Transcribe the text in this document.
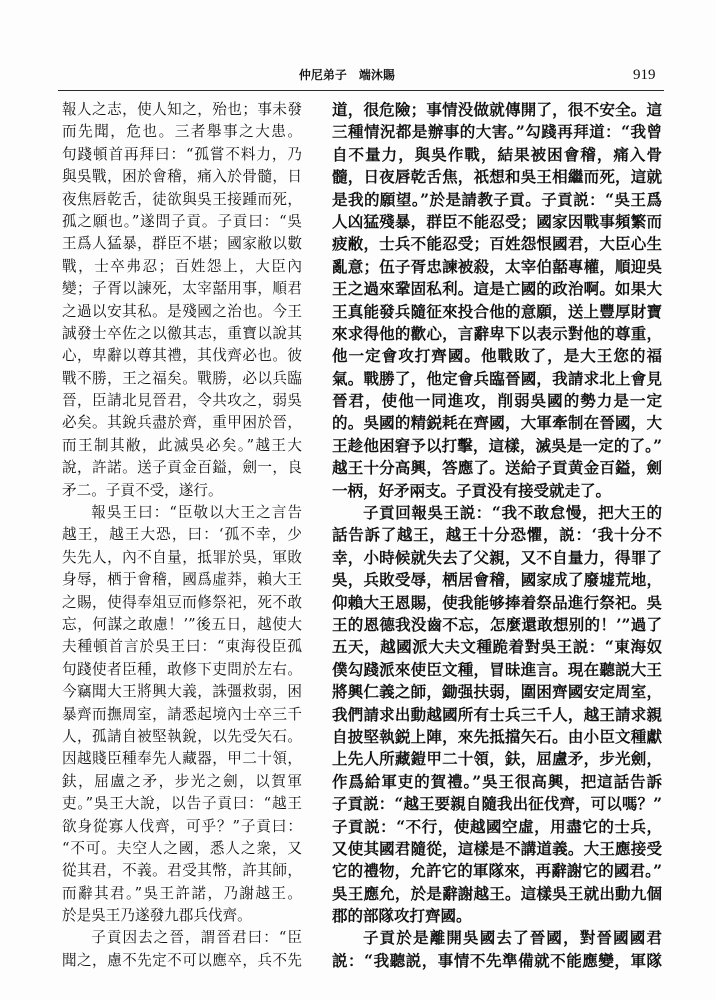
仲尼弟子　端沐賜	919
報人之志，使人知之，殆也；事未發
而先聞，危也。三者舉事之大患。
句踐頓首再拜曰：“孤嘗不料力，乃
與吳戰，困於會稽，痛入於骨髓，日
夜焦唇乾舌，徒欲與吳王接踵而死，
孤之願也。”遂問子貢。子貢曰：“吳
王爲人猛暴，群臣不堪；國家敝以數
戰，士卒弗忍；百姓怨上，大臣內
變；子胥以諫死，太宰嚭用事，順君
之過以安其私。是殘國之治也。今王
誠發士卒佐之以徼其志，重寶以說其
心，卑辭以尊其禮，其伐齊必也。彼
戰不勝，王之福矣。戰勝，必以兵臨
晉，臣請北見晉君，令共攻之，弱吳
必矣。其銳兵盡於齊，重甲困於晉，
而王制其敝，此滅吳必矣。”越王大
說，許諾。送子貢金百鎰，劍一，良
矛二。子貢不受，遂行。
報吳王曰：“臣敬以大王之言告
越王，越王大恐，曰：‘孤不幸，少
失先人，內不自量，抵罪於吳，軍敗
身辱，栖于會稽，國爲虛莽，賴大王
之賜，使得奉俎豆而修祭祀，死不敢
忘，何謀之敢慮！’”後五日，越使大
夫種頓首言於吳王曰：“東海役臣孤
句踐使者臣種，敢修下吏問於左右。
今竊聞大王將興大義，誅彊救弱，困
暴齊而撫周室，請悉起境內士卒三千
人，孤請自被堅執銳，以先受矢石。
因越賤臣種奉先人藏器，甲二十領，
鈇，屈盧之矛，步光之劍，以賀軍
吏。”吳王大說，以告子貢曰：“越王
欲身從寡人伐齊，可乎？”子貢曰：
“不可。夫空人之國，悉人之衆，又
從其君，不義。君受其幣，許其師，
而辭其君。”吳王許諾，乃謝越王。
於是吳王乃遂發九郡兵伐齊。
子貢因去之晉，謂晉君曰：“臣
聞之，慮不先定不可以應卒，兵不先
道，很危險；事情没做就傳開了，很不安全。這
三種情況都是辦事的大害。”勾踐再拜道：“我曾
自不量力，與吳作戰，結果被困會稽，痛入骨
髓，日夜唇乾舌焦，祇想和吳王相繼而死，這就
是我的願望。”於是請教子貢。子貢説：“吳王爲
人凶猛殘暴，群臣不能忍受；國家因戰事頻繁而
疲敝，士兵不能忍受；百姓怨恨國君，大臣心生
亂意；伍子胥忠諫被殺，太宰伯嚭專權，順迎吳
王之過來鞏固私利。這是亡國的政治啊。如果大
王真能發兵隨征來投合他的意願，送上豐厚財寶
來求得他的歡心，言辭卑下以表示對他的尊重，
他一定會攻打齊國。他戰敗了，是大王您的福
氣。戰勝了，他定會兵臨晉國，我請求北上會見
晉君，使他一同進攻，削弱吳國的勢力是一定
的。吳國的精鋭耗在齊國，大軍牽制在晉國，大
王趁他困窘予以打擊，這樣，滅吳是一定的了。”
越王十分高興，答應了。送給子貢黄金百鎰，劍
一柄，好矛兩支。子貢没有接受就走了。
子貢回報吳王説：“我不敢怠慢，把大王的
話告訴了越王，越王十分恐懼，説：‘我十分不
幸，小時候就失去了父親，又不自量力，得罪了
吳，兵敗受辱，栖居會稽，國家成了廢墟荒地，
仰賴大王恩賜，使我能够捧着祭品進行祭祀。吳
王的恩德我没齒不忘，怎麼還敢想别的！’”過了
五天，越國派大夫文種跪着對吳王説：“東海奴
僕勾踐派來使臣文種，冒昧進言。現在聽説大王
將興仁義之師，鋤强扶弱，圍困齊國安定周室，
我們請求出動越國所有士兵三千人，越王請求親
自披堅執鋭上陣，來先抵擋矢石。由小臣文種獻
上先人所藏鎧甲二十領，鈇，屈盧矛，步光劍，
作爲給軍吏的賀禮。”吳王很高興，把這話告訴
子貢説：“越王要親自隨我出征伐齊，可以嗎？”
子貢説：“不行，使越國空虛，用盡它的士兵，
又使其國君隨從，這樣是不講道義。大王應接受
它的禮物，允許它的軍隊來，再辭謝它的國君。”
吳王應允，於是辭謝越王。這樣吳王就出動九個
郡的部隊攻打齊國。
子貢於是離開吳國去了晉國，對晉國國君
説：“我聽説，事情不先準備就不能應變，軍隊
